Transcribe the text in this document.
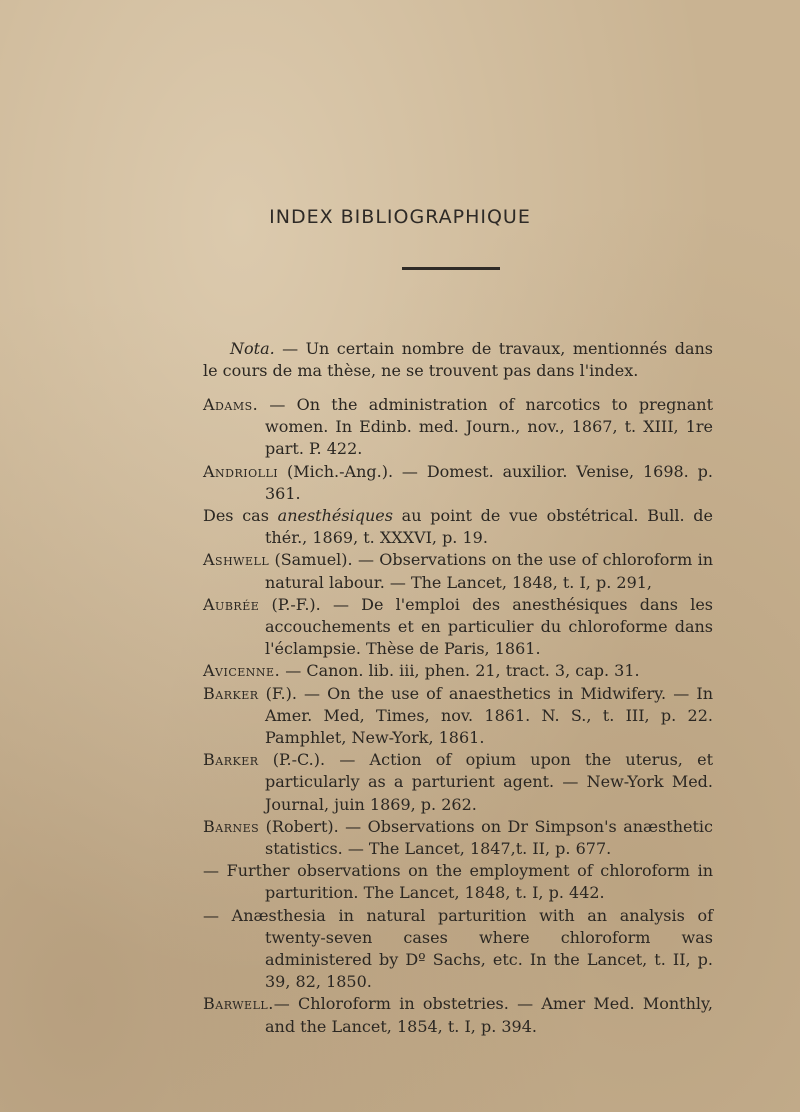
INDEX BIBLIOGRAPHIQUE

Nota. — Un certain nombre de travaux, mentionnés dans le cours de ma thèse, ne se trouvent pas dans l'index.

Adams. — On the administration of narcotics to pregnant women. In Edinb. med. Journ., nov., 1867, t. XIII, 1re part. P. 422.

Andriolli (Mich.-Ang.). — Domest. auxilior. Venise, 1698. p. 361.

Des cas anesthésiques au point de vue obstétrical. Bull. de thér., 1869, t. XXXVI, p. 19.

Ashwell (Samuel). — Observations on the use of chloroform in natural labour. — The Lancet, 1848, t. I, p. 291,

Aubrée (P.-F.). — De l'emploi des anesthésiques dans les accouchements et en particulier du chloroforme dans l'éclampsie. Thèse de Paris, 1861.

Avicenne. — Canon. lib. iii, phen. 21, tract. 3, cap. 31.

Barker (F.). — On the use of anaesthetics in Midwifery. — In Amer. Med, Times, nov. 1861. N. S., t. III, p. 22. Pamphlet, New-York, 1861.

Barker (P.-C.). — Action of opium upon the uterus, et particularly as a parturient agent. — New-York Med. Journal, juin 1869, p. 262.

Barnes (Robert). — Observations on Dr Simpson's anæsthetic statistics. — The Lancet, 1847,t. II, p. 677.

— Further observations on the employment of chloroform in parturition. The Lancet, 1848, t. I, p. 442.

— Anæsthesia in natural parturition with an analysis of twenty-seven cases where chloroform was administered by Dº Sachs, etc. In the Lancet, t. II, p. 39, 82, 1850.

Barwell.— Chloroform in obstetries. — Amer Med. Monthly, and the Lancet, 1854, t. I, p. 394.
